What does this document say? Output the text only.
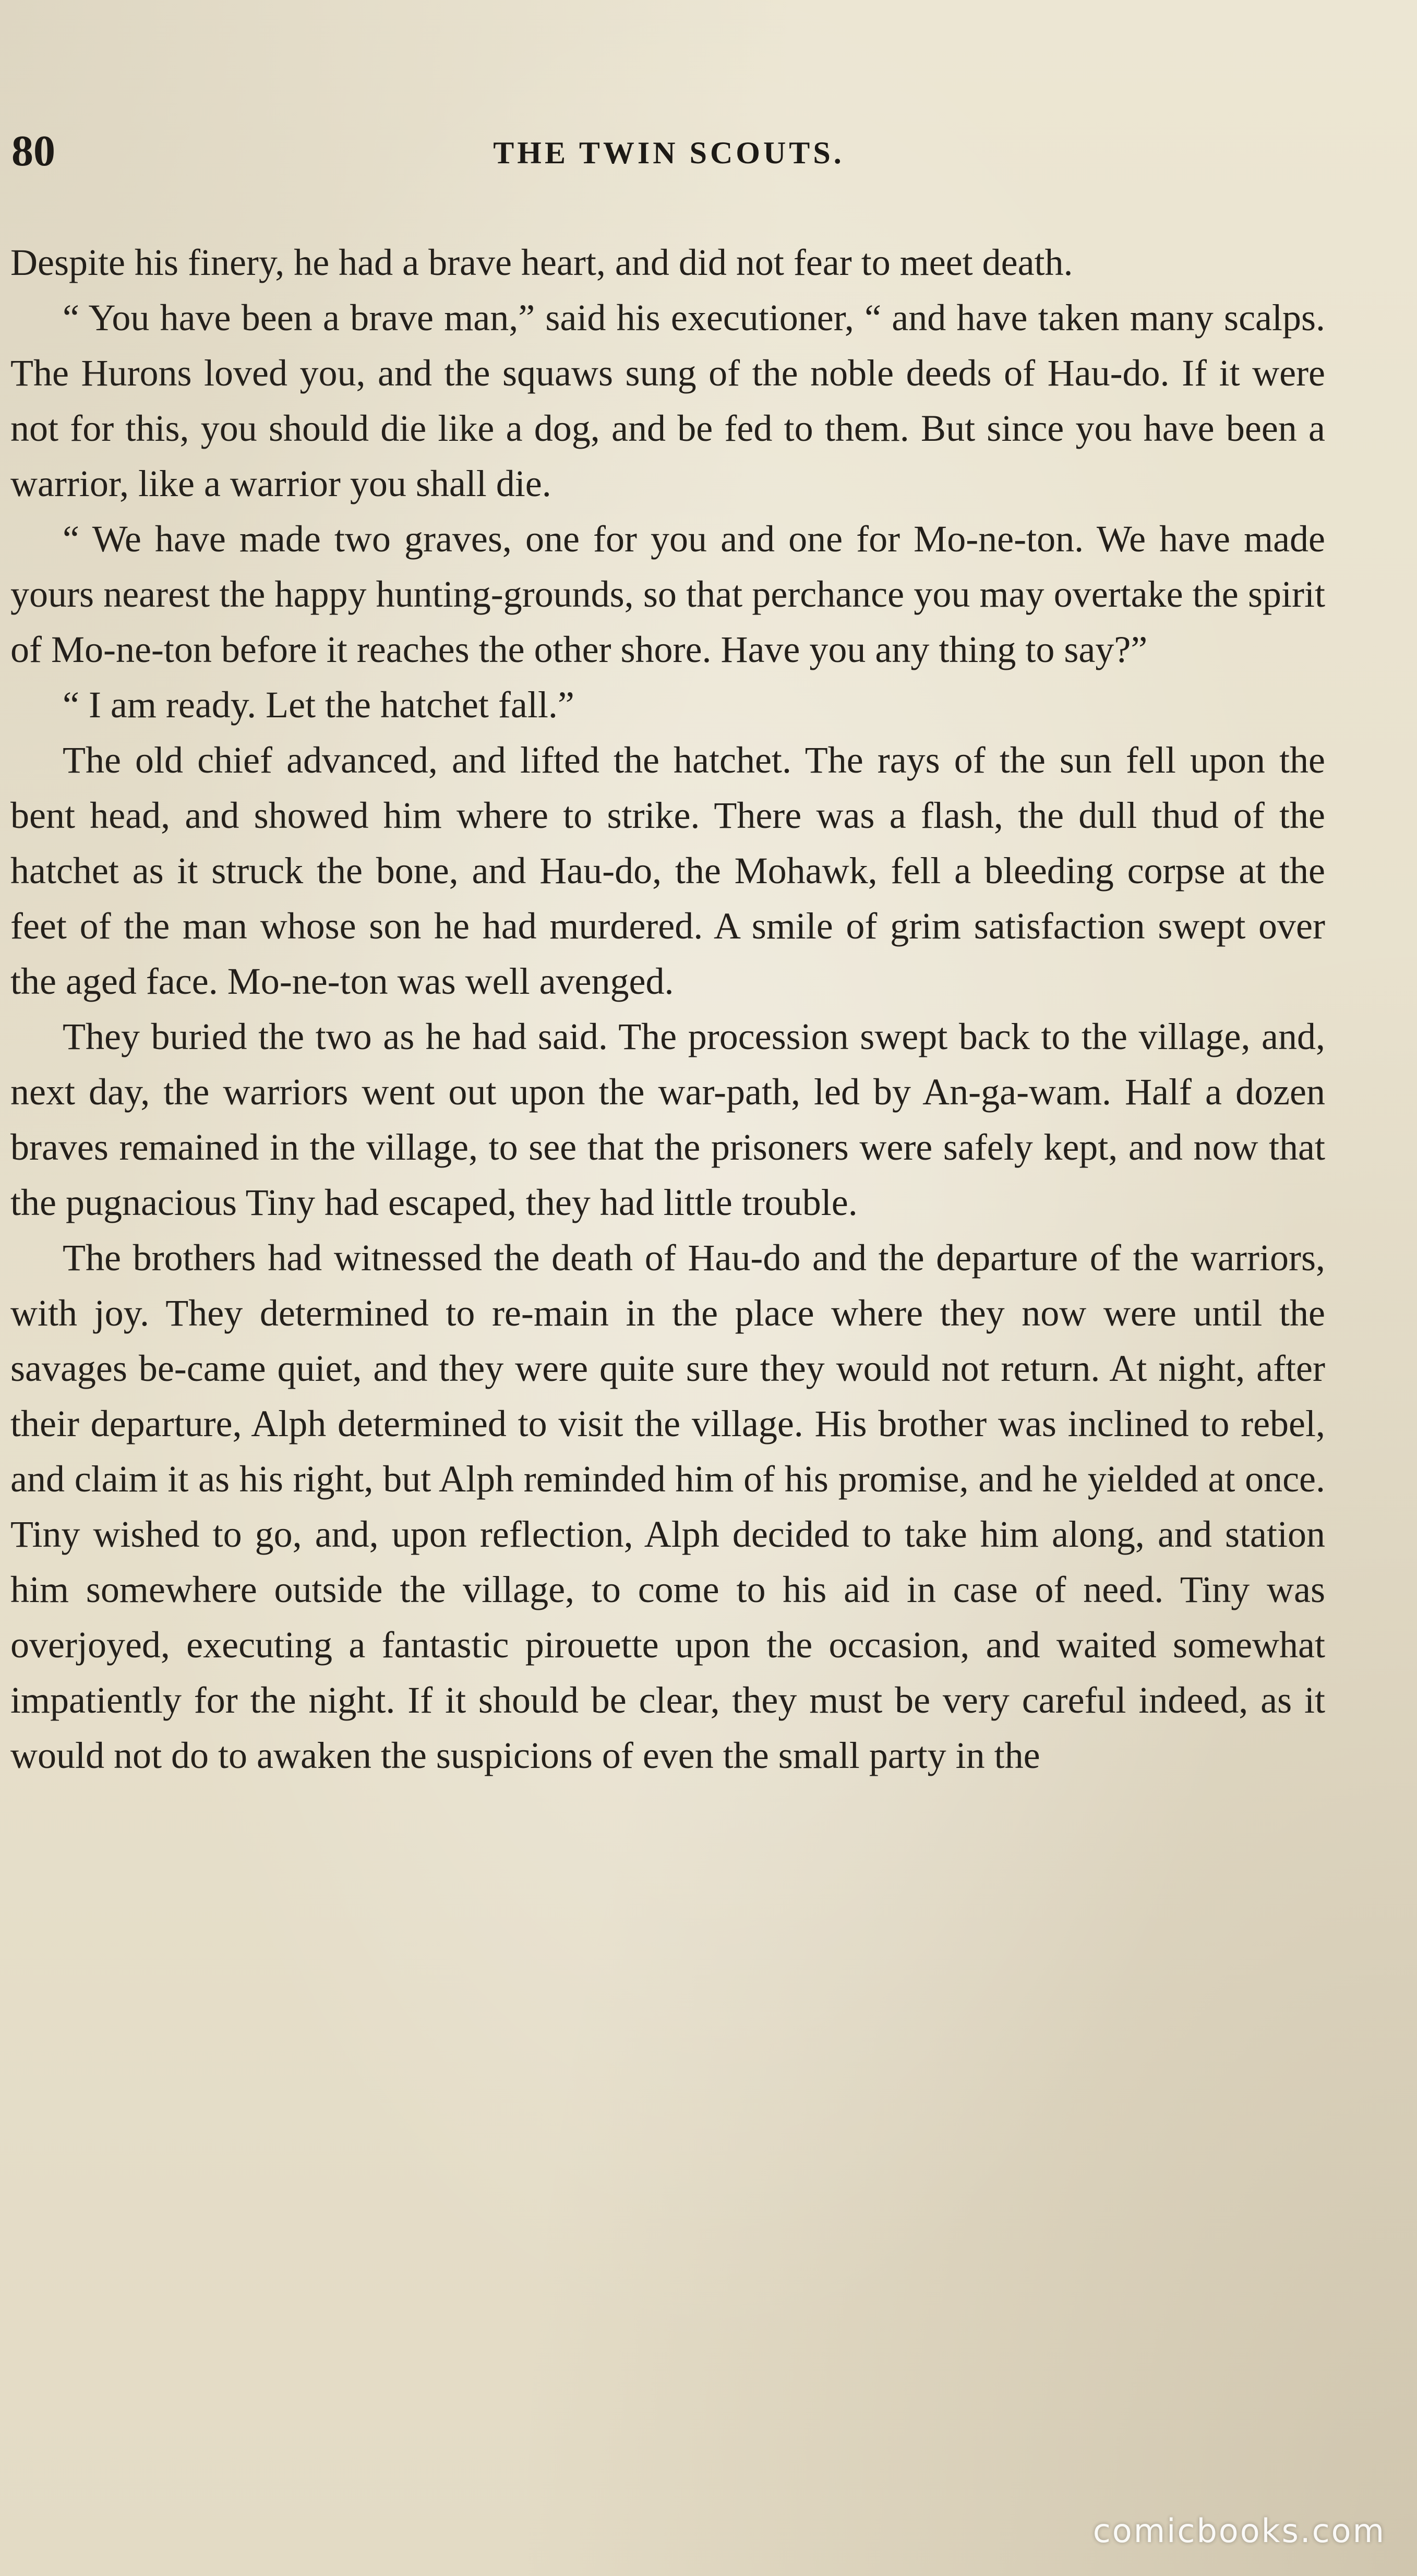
80	THE TWIN SCOUTS.

Despite his finery, he had a brave heart, and did not fear to meet death.

“ You have been a brave man,” said his executioner, “ and have taken many scalps. The Hurons loved you, and the squaws sung of the noble deeds of Hau-do. If it were not for this, you should die like a dog, and be fed to them. But since you have been a warrior, like a warrior you shall die.

“ We have made two graves, one for you and one for Mo-ne-ton. We have made yours nearest the happy hunting-grounds, so that perchance you may overtake the spirit of Mo-ne-ton before it reaches the other shore. Have you any thing to say?”

“ I am ready. Let the hatchet fall.”

The old chief advanced, and lifted the hatchet. The rays of the sun fell upon the bent head, and showed him where to strike. There was a flash, the dull thud of the hatchet as it struck the bone, and Hau-do, the Mohawk, fell a bleeding corpse at the feet of the man whose son he had murdered. A smile of grim satisfaction swept over the aged face. Mo-ne-ton was well avenged.

They buried the two as he had said. The procession swept back to the village, and, next day, the warriors went out upon the war-path, led by An-ga-wam. Half a dozen braves remained in the village, to see that the prisoners were safely kept, and now that the pugnacious Tiny had escaped, they had little trouble.

The brothers had witnessed the death of Hau-do and the departure of the warriors, with joy. They determined to re-main in the place where they now were until the savages be-came quiet, and they were quite sure they would not return. At night, after their departure, Alph determined to visit the village. His brother was inclined to rebel, and claim it as his right, but Alph reminded him of his promise, and he yielded at once. Tiny wished to go, and, upon reflection, Alph decided to take him along, and station him somewhere outside the village, to come to his aid in case of need. Tiny was overjoyed, executing a fantastic pirouette upon the occasion, and waited somewhat impatiently for the night. If it should be clear, they must be very careful indeed, as it would not do to awaken the suspicions of even the small party in the

comicbooks.com
